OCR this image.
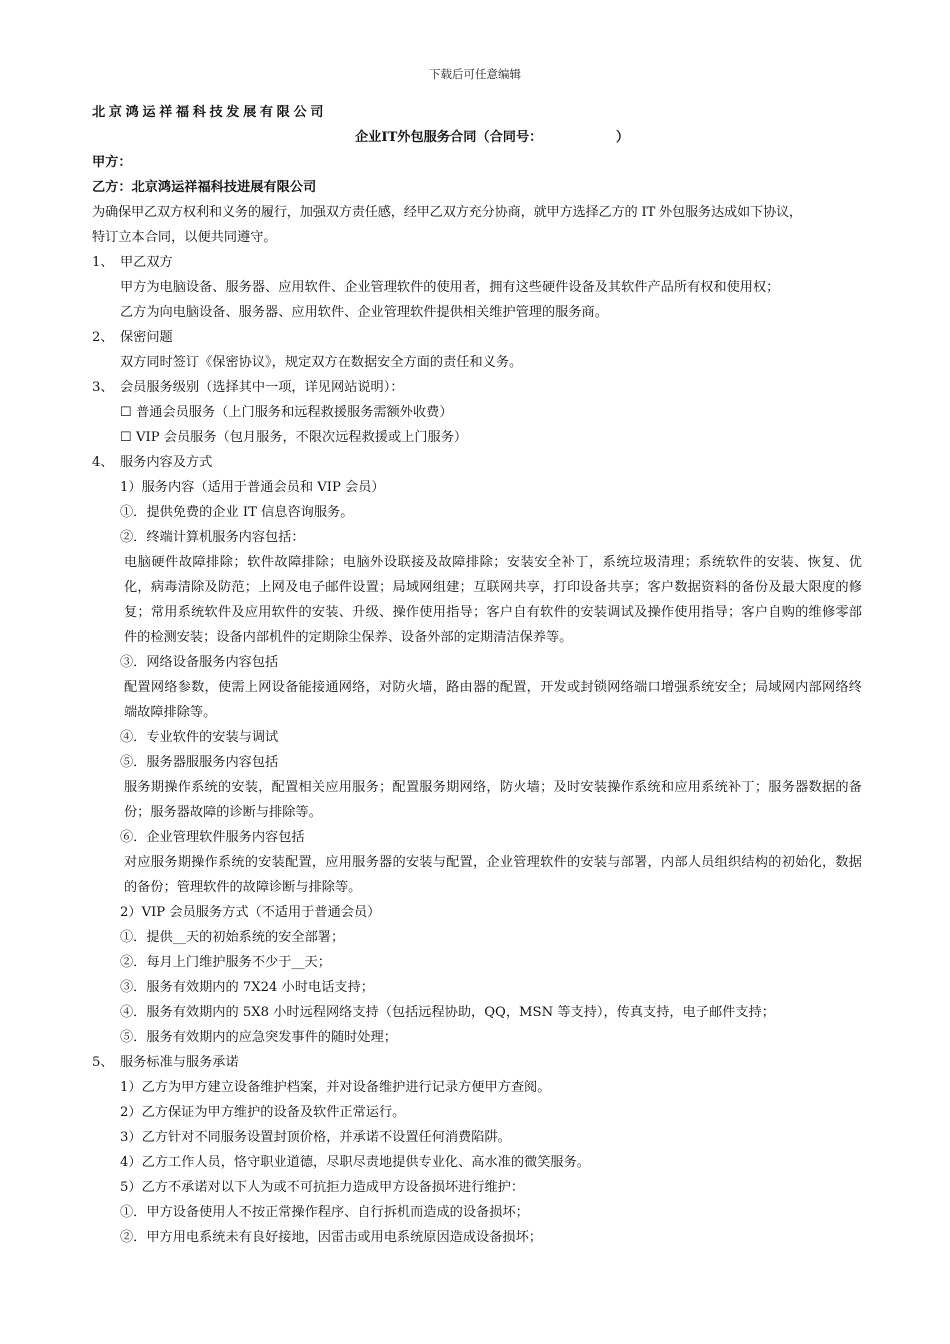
下载后可任意编辑
北京鸿运祥福科技发展有限公司
企业IT外包服务合同（合同号：                ）
甲方：
乙方：北京鸿运祥福科技进展有限公司
为确保甲乙双方权利和义务的履行，加强双方责任感，经甲乙双方充分协商，就甲方选择乙方的 IT 外包服务达成如下协议，
特订立本合同，以便共同遵守。
1、 甲乙双方
甲方为电脑设备、服务器、应用软件、企业管理软件的使用者，拥有这些硬件设备及其软件产品所有权和使用权；
乙方为向电脑设备、服务器、应用软件、企业管理软件提供相关维护管理的服务商。
2、 保密问题
双方同时签订《保密协议》，规定双方在数据安全方面的责任和义务。
3、 会员服务级别（选择其中一项，详见网站说明）：
☐ 普通会员服务（上门服务和远程救援服务需额外收费）
☐ VIP 会员服务（包月服务，不限次远程救援或上门服务）
4、 服务内容及方式
1）服务内容（适用于普通会员和 VIP 会员）
①．提供免费的企业 IT 信息咨询服务。
②．终端计算机服务内容包括：
电脑硬件故障排除；软件故障排除；电脑外设联接及故障排除；安装安全补丁，系统垃圾清理；系统软件的安装、恢复、优化，病毒清除及防范；上网及电子邮件设置；局域网组建；互联网共享，打印设备共享；客户数据资料的备份及最大限度的修复；常用系统软件及应用软件的安装、升级、操作使用指导；客户自有软件的安装调试及操作使用指导；客户自购的维修零部件的检测安装；设备内部机件的定期除尘保养、设备外部的定期清洁保养等。
③．网络设备服务内容包括
配置网络参数，使需上网设备能接通网络，对防火墙，路由器的配置，开发或封锁网络端口增强系统安全；局域网内部网络终端故障排除等。
④．专业软件的安装与调试
⑤．服务器服服务内容包括
服务期操作系统的安装，配置相关应用服务；配置服务期网络，防火墙；及时安装操作系统和应用系统补丁；服务器数据的备份；服务器故障的诊断与排除等。
⑥．企业管理软件服务内容包括
对应服务期操作系统的安装配置，应用服务器的安装与配置，企业管理软件的安装与部署，内部人员组织结构的初始化，数据的备份；管理软件的故障诊断与排除等。
2）VIP 会员服务方式（不适用于普通会员）
①．提供__天的初始系统的安全部署；
②．每月上门维护服务不少于__天；
③．服务有效期内的 7X24 小时电话支持；
④．服务有效期内的 5X8 小时远程网络支持（包括远程协助，QQ，MSN 等支持），传真支持，电子邮件支持；
⑤．服务有效期内的应急突发事件的随时处理；
5、 服务标准与服务承诺
1）乙方为甲方建立设备维护档案，并对设备维护进行记录方便甲方查阅。
2）乙方保证为甲方维护的设备及软件正常运行。
3）乙方针对不同服务设置封顶价格，并承诺不设置任何消费陷阱。
4）乙方工作人员，恪守职业道德，尽职尽责地提供专业化、高水准的微笑服务。
5）乙方不承诺对以下人为或不可抗拒力造成甲方设备损坏进行维护：
①．甲方设备使用人不按正常操作程序、自行拆机而造成的设备损坏；
②．甲方用电系统未有良好接地，因雷击或用电系统原因造成设备损坏；
